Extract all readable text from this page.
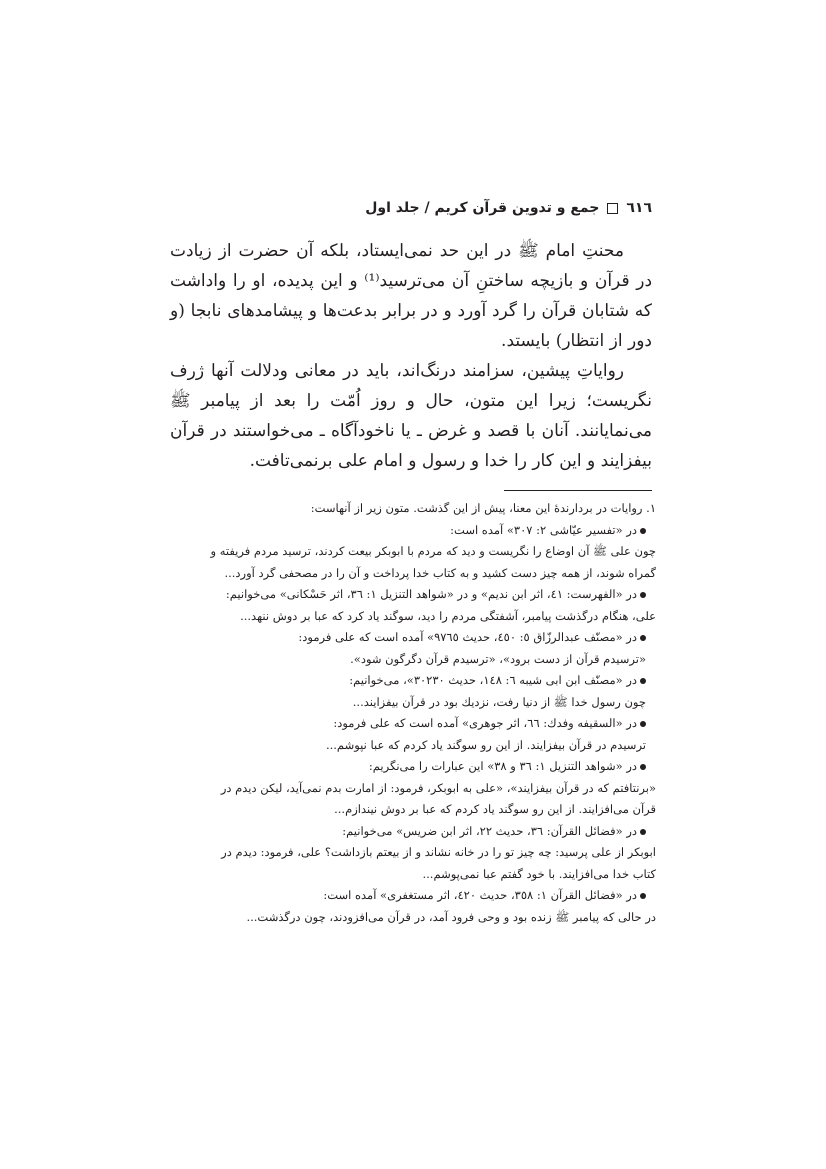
٦١٦
جمع و تدوين قرآن كريم / جلد اول

محنتِ امام ﷺ در اين حد نمی‌ايستاد، بلكه آن حضرت از زيادت در قرآن و بازيچه ساختنِ آن می‌ترسيد⁽¹⁾ و اين پديده، او را واداشت كه شتابان قرآن را گرد آورد و در برابر بدعت‌ها و پيشامدهاى نابجا (و دور از انتظار) بايستد.

رواياتِ پيشين، سزامند درنگ‌اند، بايد در معانى ودلالت آنها ژرف نگريست؛ زيرا اين متون، حال و روز اُمّت را بعد از پيامبر ﷺ می‌نمايانند. آنان با قصد و غرض ـ يا ناخودآگاه ـ می‌خواستند در قرآن بيفزايند و اين كار را خدا و رسول و امام على برنمی‌تافت.

١. روايات در بردارندهٔ اين معنا، پيش از اين گذشت. متون زير از آنهاست:
در «تفسير عيّاشى ٢: ٣٠٧» آمده است:
چون على ﷺ آن اوضاع را نگريست و ديد كه مردم با ابوبكر بيعت كردند، ترسيد مردم فريفته و
گمراه شوند، از همه چيز دست كشيد و به كتاب خدا پرداخت و آن را در مصحفى گرد آورد...
در «الفهرست: ٤١، اثر ابن نديم» و در «شواهد التنزيل ١: ٣٦، اثر حَسْكانى» می‌خوانيم:
على، هنگام درگذشت پيامبر، آشفتگى مردم را ديد، سوگند ياد كرد كه عبا بر دوش ننهد...
در «مصنّف عبدالرزّاق ٥: ٤٥٠، حديث ٩٧٦٥» آمده است كه على فرمود:
«ترسيدم قرآن از دست برود»، «ترسيدم قرآن دگرگون شود».
در «مصنّف ابن ابى شيبه ٦: ١٤٨، حديث ٣٠٢٣٠»، می‌خوانيم:
چون رسول خدا ﷺ از دنيا رفت، نزديك بود در قرآن بيفزايند...
در «السقيفه وفدك: ٦٦، اثر جوهرى» آمده است كه على فرمود:
ترسيدم در قرآن بيفزايند. از اين رو سوگند ياد كردم كه عبا نپوشم...
در «شواهد التنزيل ١: ٣٦ و ٣٨» اين عبارات را می‌نگريم:
«برنتافتم كه در قرآن بيفزايند»، «على به ابوبكر، فرمود: از امارت بدم نمی‌آيد، ليكن ديدم در
قرآن می‌افزايند. از اين رو سوگند ياد كردم كه عبا بر دوش نيندازم...
در «فضائل القرآن: ٣٦، حديث ٢٢، اثر ابن ضريس» می‌خوانيم:
ابوبكر از على پرسيد: چه چيز تو را در خانه نشاند و از بيعتم بازداشت؟ على، فرمود: ديدم در
كتاب خدا می‌افزايند. با خود گفتم عبا نمی‌پوشم...
در «فضائل القرآن ١: ٣٥٨، حديث ٤٢٠، اثر مستغفرى» آمده است:
در حالى كه پيامبر ﷺ زنده بود و وحى فرود آمد، در قرآن می‌افزودند، چون درگذشت...
